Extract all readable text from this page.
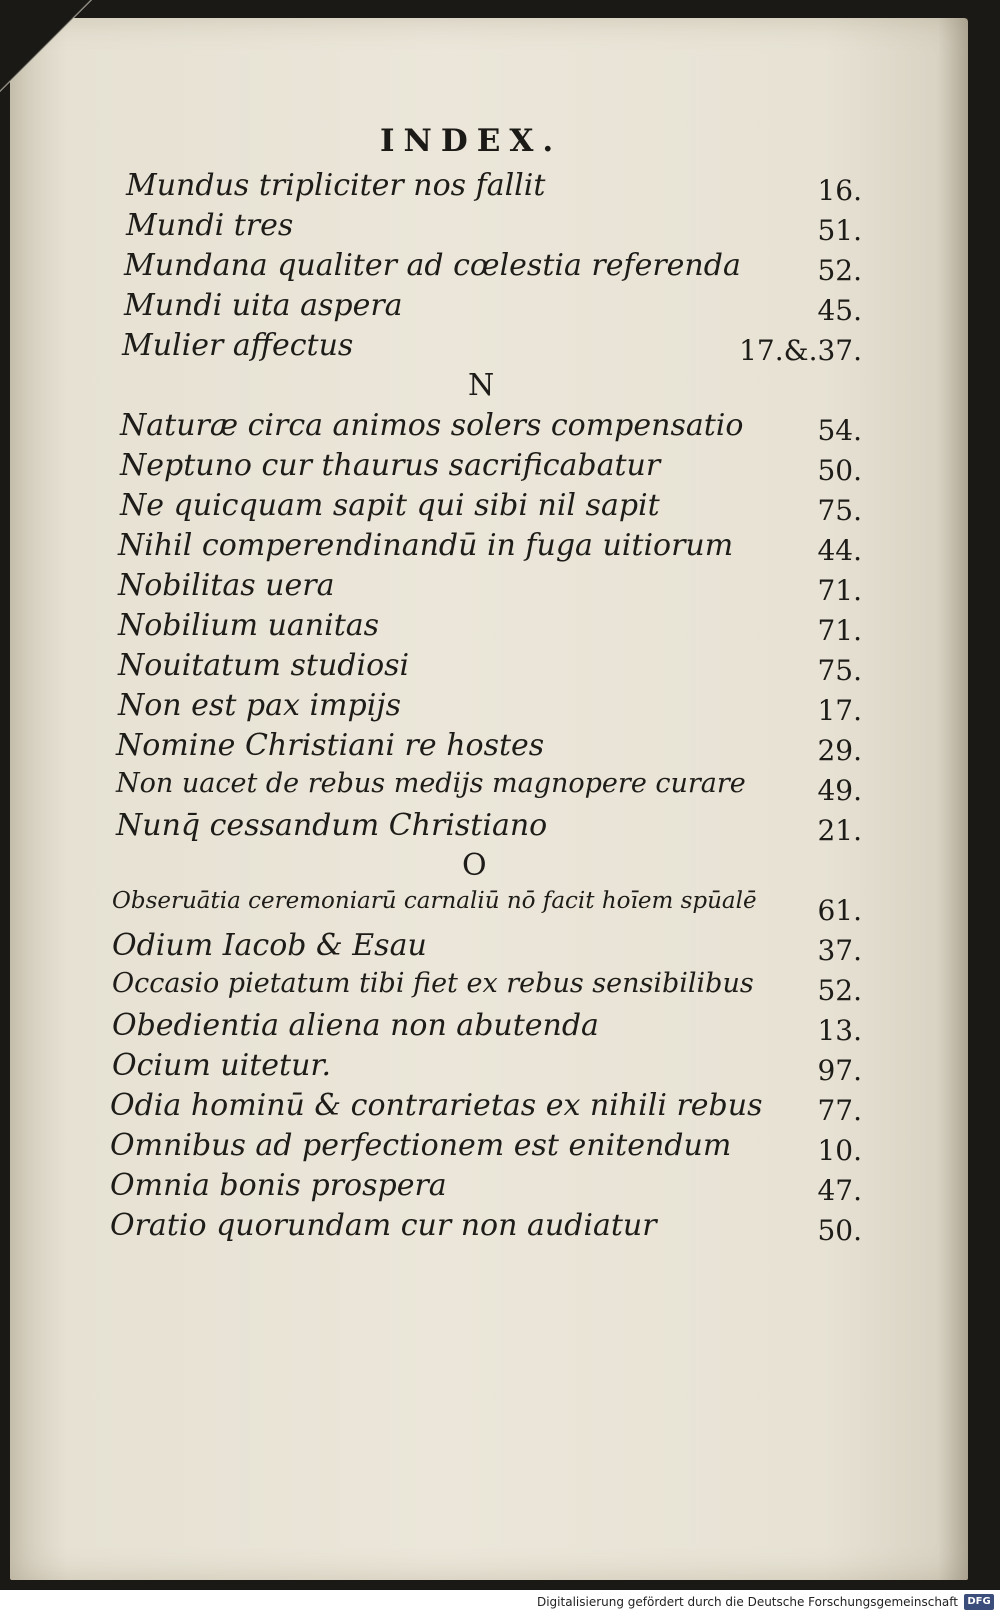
INDEX.
Mundus tripliciter nos fallit	16.
Mundi tres	51.
Mundana qualiter ad cœlestia referenda	52.
Mundi uita aspera	45.
Mulier affectus	17.&.37.
N
Naturæ circa animos solers compensatio	54.
Neptuno cur thaurus sacrificabatur	50.
Ne quicquam sapit qui sibi nil sapit	75.
Nihil comperendinandū in fuga uitiorum	44.
Nobilitas uera	71.
Nobilium uanitas	71.
Nouitatum studiosi	75.
Non est pax impijs	17.
Nomine Christiani re hostes	29.
Non uacet de rebus medijs magnopere curare	49.
Nunq̄ cessandum Christiano	21.
O
Obseruātia ceremoniarū carnaliū nō facit hoīem spūalē 61.
Odium Iacob & Esau	37.
Occasio pietatum tibi fiet ex rebus sensibilibus 52.
Obedientia aliena non abutenda	13.
Ocium uitetur.	97.
Odia hominū & contrarietas ex nihili rebus 77.
Omnibus ad perfectionem est enitendum	10.
Omnia bonis prospera	47.
Oratio quorundam cur non audiatur	50.
Digitalisierung gefördert durch die Deutsche Forschungsgemeinschaft DFG
